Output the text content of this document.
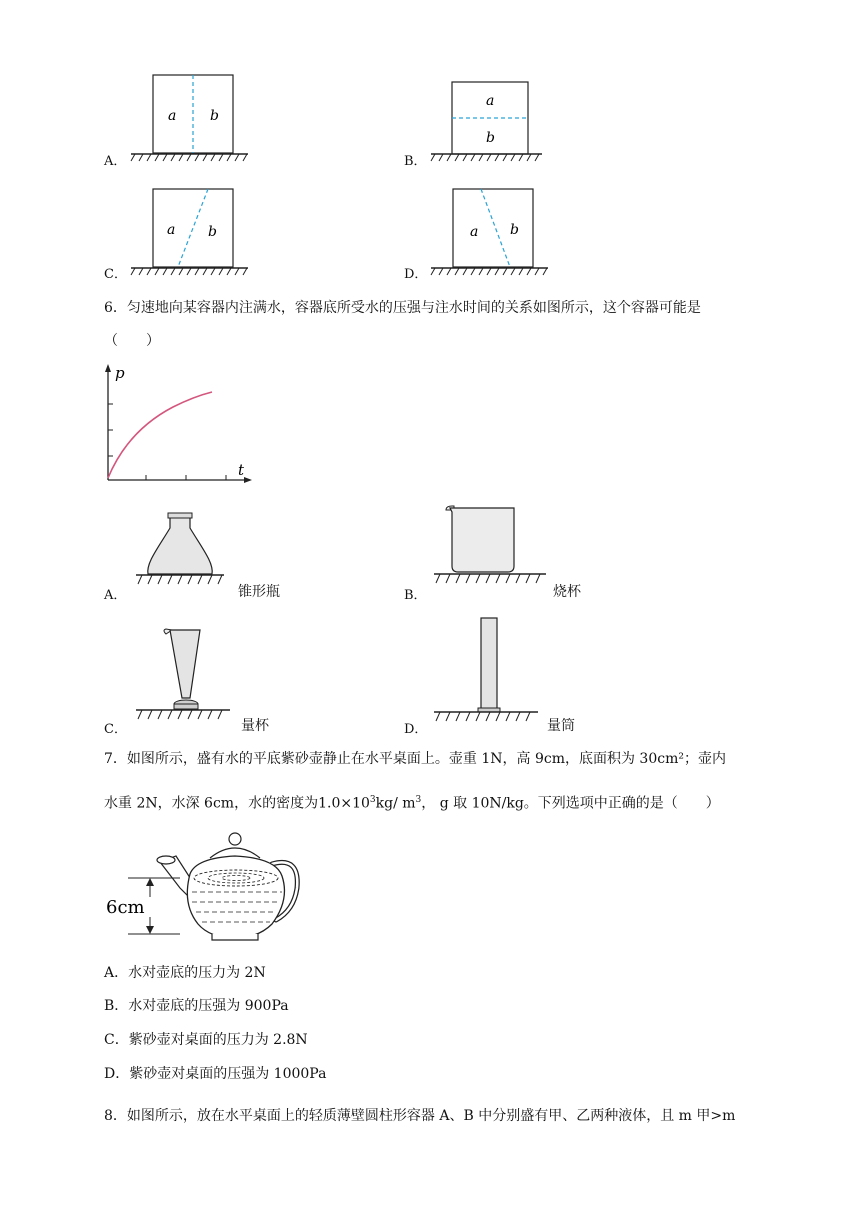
A．
a b
B．
a
b
C．
a b
D．
a b
6．匀速地向某容器内注满水，容器底所受水的压强与注水时间的关系如图所示，这个容器可能是
（　　）
p
t
A．	锥形瓶	B．	烧杯
C．	量杯	D．	量筒
7．如图所示，盛有水的平底紫砂壶静止在水平桌面上。壶重 1N，高 9cm，底面积为 30cm²；壶内
水重 2N，水深 6cm，水的密度为$1.0\times 10^3kg/$ $m^3$， g 取 10N/kg。下列选项中正确的是（　　）
6cm
A．水对壶底的压力为 2N
B．水对壶底的压强为 900Pa
C．紫砂壶对桌面的压力为 2.8N
D．紫砂壶对桌面的压强为 1000Pa
8．如图所示，放在水平桌面上的轻质薄壁圆柱形容器 A、B 中分别盛有甲、乙两种液体，且 m 甲>m
